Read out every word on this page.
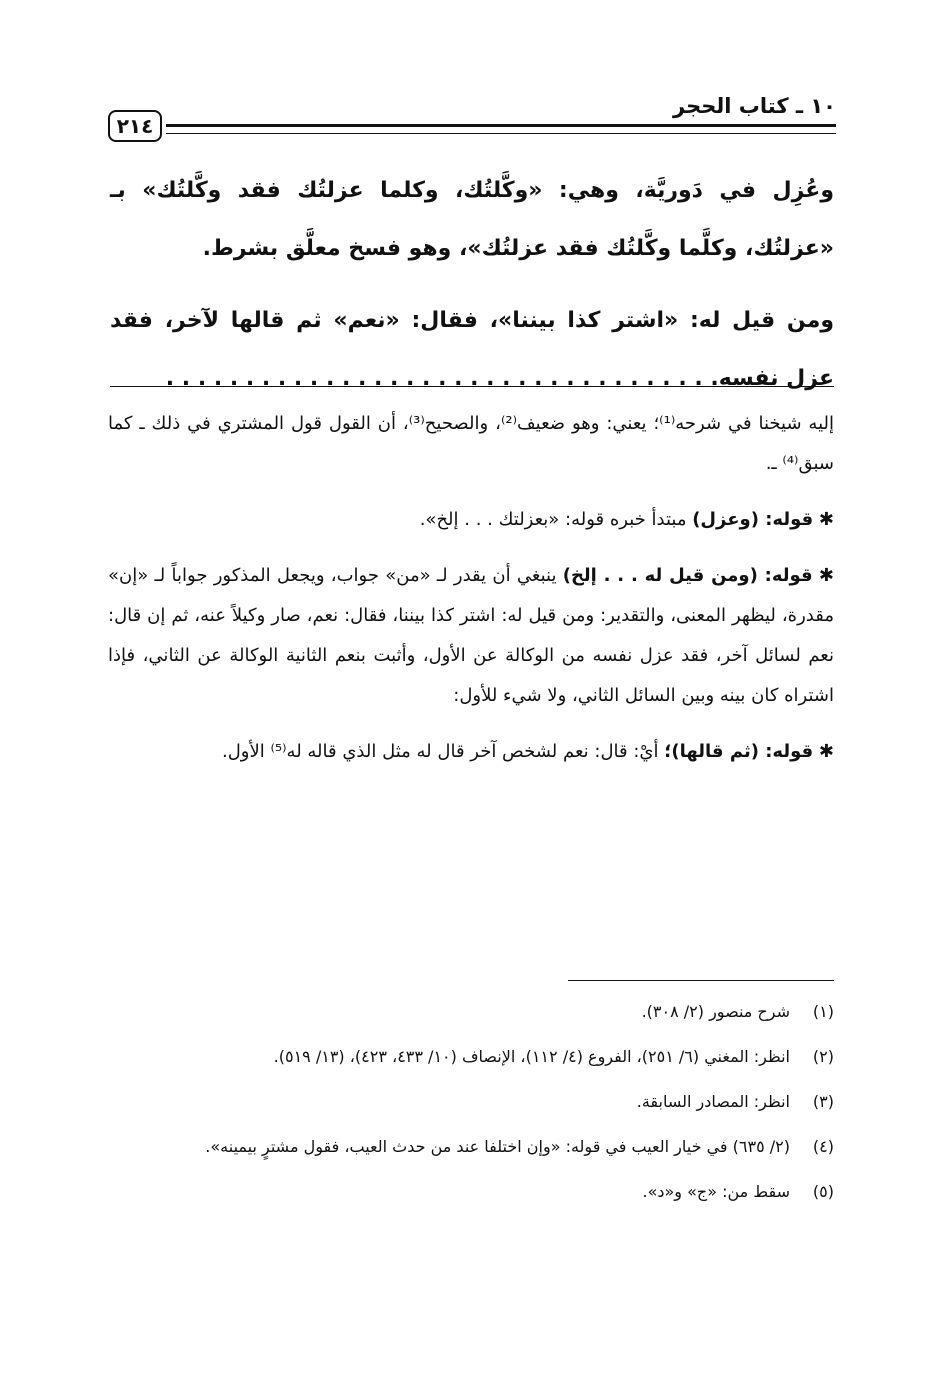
١٠ ـ كتاب الحجر
٢١٤

وعُزِل في دَوريَّة، وهي: «وكَّلتُك، وكلما عزلتُك فقد وكَّلتُك» بـ «عزلتُك، وكلَّما وكَّلتُك فقد عزلتُك»، وهو فسخ معلَّق بشرط.

ومن قيل له: «اشتر كذا بيننا»، فقال: «نعم» ثم قالها لآخر، فقد عزل نفسه. . . . . . . . . . . . . . . . . . . . . . . . . . . . . . . . . . .

إليه شيخنا في شرحه⁽¹⁾؛ يعني: وهو ضعيف⁽²⁾، والصحيح⁽³⁾، أن القول قول المشتري في ذلك ـ كما سبق⁽⁴⁾ ـ.

✱ قوله: (وعزل) مبتدأ خبره قوله: «بعزلتك . . . إلخ».

✱ قوله: (ومن قيل له . . . إلخ) ينبغي أن يقدر لـ «من» جواب، ويجعل المذكور جواباً لـ «إن» مقدرة، ليظهر المعنى، والتقدير: ومن قيل له: اشتر كذا بيننا، فقال: نعم، صار وكيلاً عنه، ثم إن قال: نعم لسائل آخر، فقد عزل نفسه من الوكالة عن الأول، وأثبت بنعم الثانية الوكالة عن الثاني، فإذا اشتراه كان بينه وبين السائل الثاني، ولا شيء للأول:

✱ قوله: (ثم قالها)؛ أيْ: قال: نعم لشخص آخر قال له مثل الذي قاله له⁽⁵⁾ الأول.

(١)
شرح منصور (٢/ ٣٠٨).
(٢)
انظر: المغني (٦/ ٢٥١)، الفروع (٤/ ١١٢)، الإنصاف (١٠/ ٤٣٣، ٤٢٣)، (١٣/ ٥١٩).
(٣)
انظر: المصادر السابقة.
(٤)
(٢/ ٦٣٥) في خيار العيب في قوله: «وإن اختلفا عند من حدث العيب، فقول مشترٍ بيمينه».
(٥)
سقط من: «ج» و«د».
